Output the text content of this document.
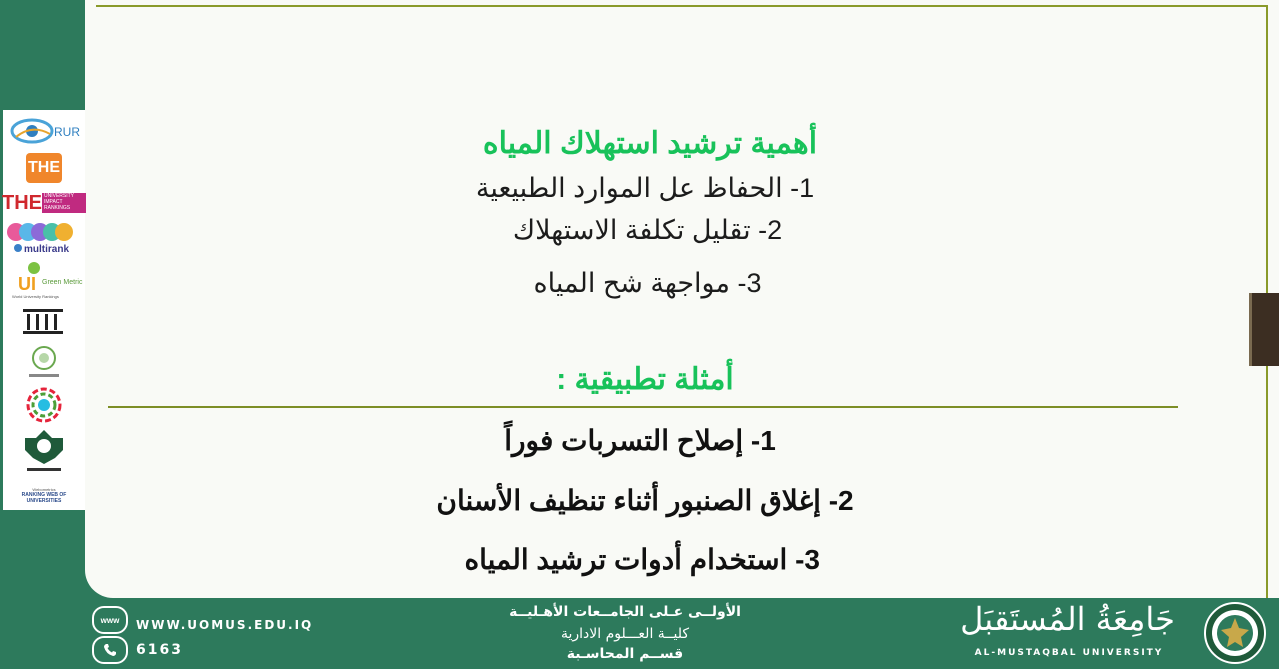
أهمية ترشيد استهلاك المياه
1- الحفاظ عل الموارد الطبيعية
2- تقليل تكلفة الاستهلاك
3- مواجهة شح المياه
أمثلة تطبيقية :
1- إصلاح التسربات فوراً
2- إغلاق الصنبور أثناء تنظيف الأسنان
3- استخدام أدوات ترشيد المياه
RUR
THE
THE UNIVERSITY IMPACT RANKINGS
multirank
UI Green Metric
World University Rankings
Webometrics
RANKING WEB OF UNIVERSITIES
www	WWW.UOMUS.EDU.IQ
6163
الأولــى عـلى الجامــعات الأهـليــة
كليــة العـــلوم الادارية
قســم المحاسـبة
جَامِعَةُ المُستَقبَل
AL-MUSTAQBAL UNIVERSITY
